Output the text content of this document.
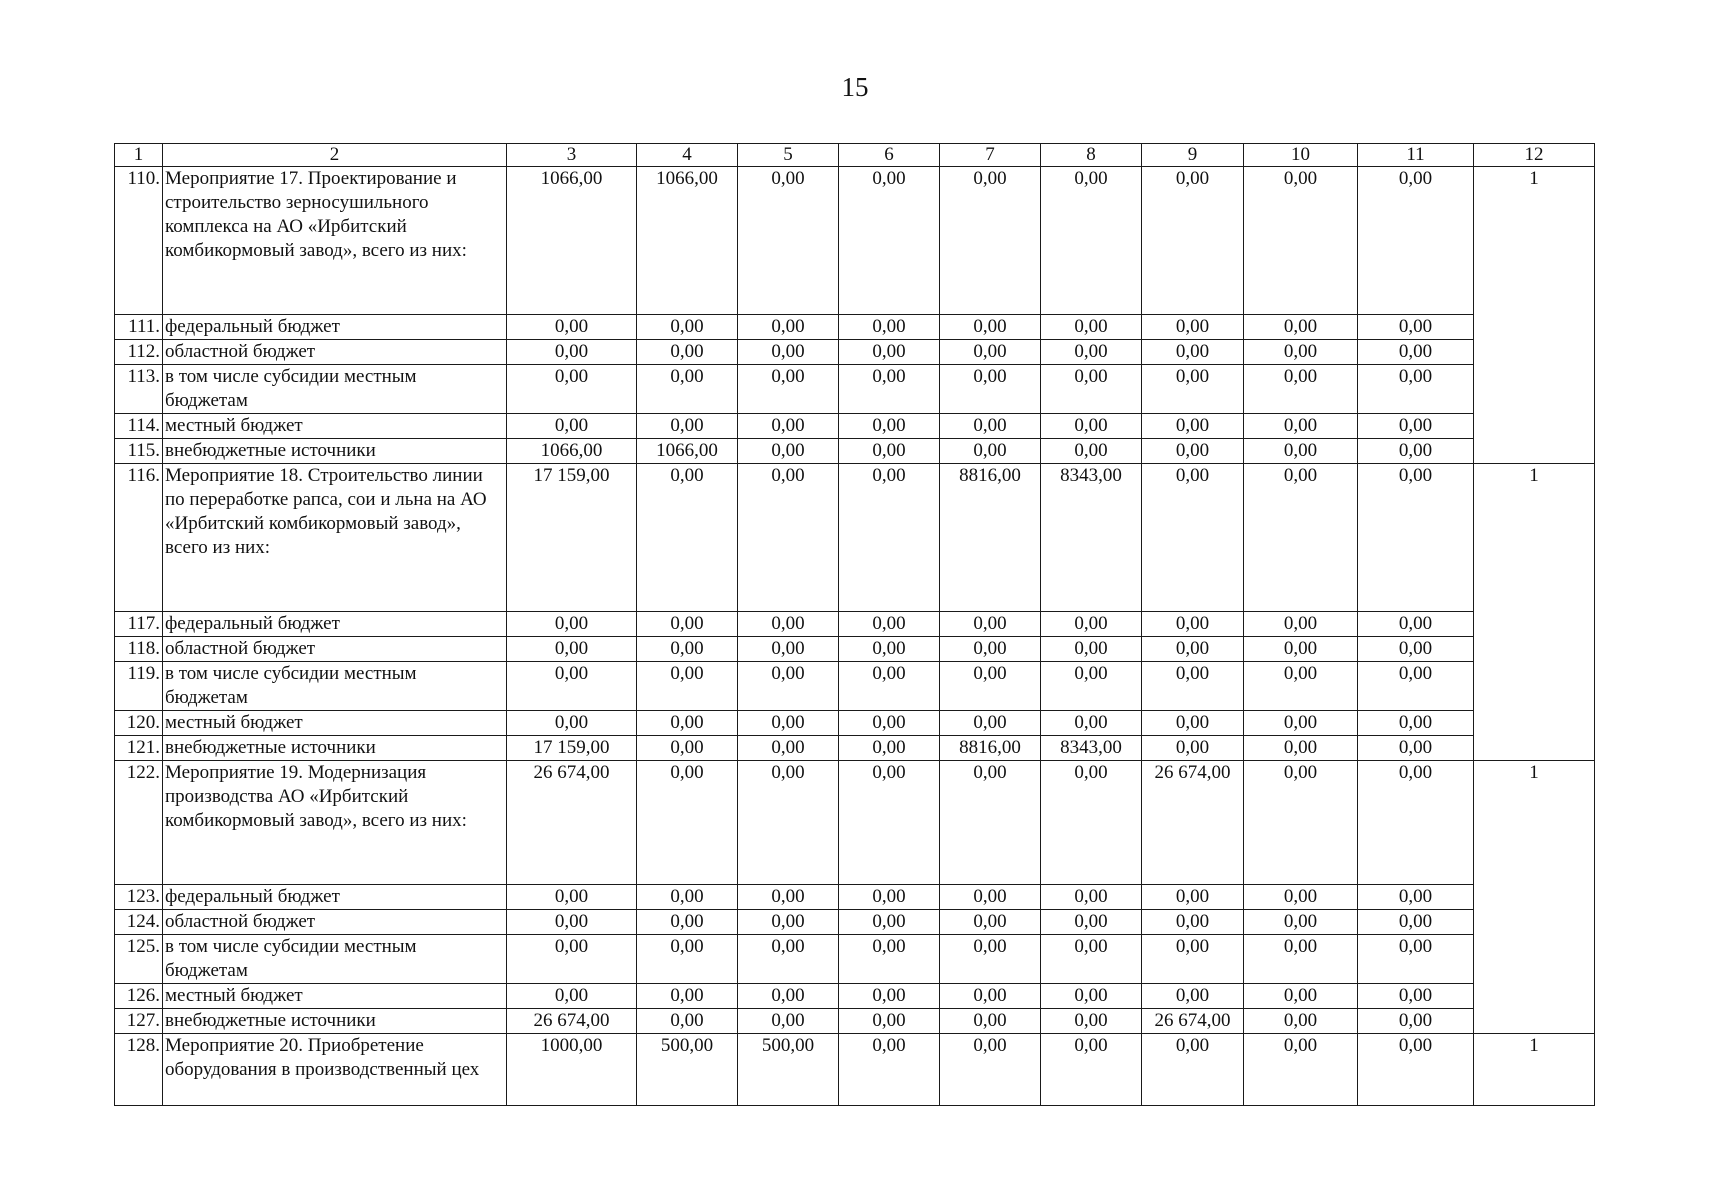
15
1	2	3	4	5	6	7	8	9	10	11	12
110.	Мероприятие 17. Проектирование и строительство зерносушильного комплекса на АО «Ирбитский комбикормовый завод», всего из них:	1066,00	1066,00	0,00	0,00	0,00	0,00	0,00	0,00	0,00	1
111.	федеральный бюджет	0,00	0,00	0,00	0,00	0,00	0,00	0,00	0,00	0,00	
112.	областной бюджет	0,00	0,00	0,00	0,00	0,00	0,00	0,00	0,00	0,00	
113.	в том числе субсидии местным бюджетам	0,00	0,00	0,00	0,00	0,00	0,00	0,00	0,00	0,00	
114.	местный бюджет	0,00	0,00	0,00	0,00	0,00	0,00	0,00	0,00	0,00	
115.	внебюджетные источники	1066,00	1066,00	0,00	0,00	0,00	0,00	0,00	0,00	0,00	
116.	Мероприятие 18. Строительство линии по переработке рапса, сои и льна на АО «Ирбитский комбикормовый завод», всего из них:	17 159,00	0,00	0,00	0,00	8816,00	8343,00	0,00	0,00	0,00	1
117.	федеральный бюджет	0,00	0,00	0,00	0,00	0,00	0,00	0,00	0,00	0,00	
118.	областной бюджет	0,00	0,00	0,00	0,00	0,00	0,00	0,00	0,00	0,00	
119.	в том числе субсидии местным бюджетам	0,00	0,00	0,00	0,00	0,00	0,00	0,00	0,00	0,00	
120.	местный бюджет	0,00	0,00	0,00	0,00	0,00	0,00	0,00	0,00	0,00	
121.	внебюджетные источники	17 159,00	0,00	0,00	0,00	8816,00	8343,00	0,00	0,00	0,00	
122.	Мероприятие 19. Модернизация производства АО «Ирбитский комбикормовый завод», всего из них:	26 674,00	0,00	0,00	0,00	0,00	0,00	26 674,00	0,00	0,00	1
123.	федеральный бюджет	0,00	0,00	0,00	0,00	0,00	0,00	0,00	0,00	0,00	
124.	областной бюджет	0,00	0,00	0,00	0,00	0,00	0,00	0,00	0,00	0,00	
125.	в том числе субсидии местным бюджетам	0,00	0,00	0,00	0,00	0,00	0,00	0,00	0,00	0,00	
126.	местный бюджет	0,00	0,00	0,00	0,00	0,00	0,00	0,00	0,00	0,00	
127.	внебюджетные источники	26 674,00	0,00	0,00	0,00	0,00	0,00	26 674,00	0,00	0,00	
128.	Мероприятие 20. Приобретение оборудования в производственный цех	1000,00	500,00	500,00	0,00	0,00	0,00	0,00	0,00	0,00	1
